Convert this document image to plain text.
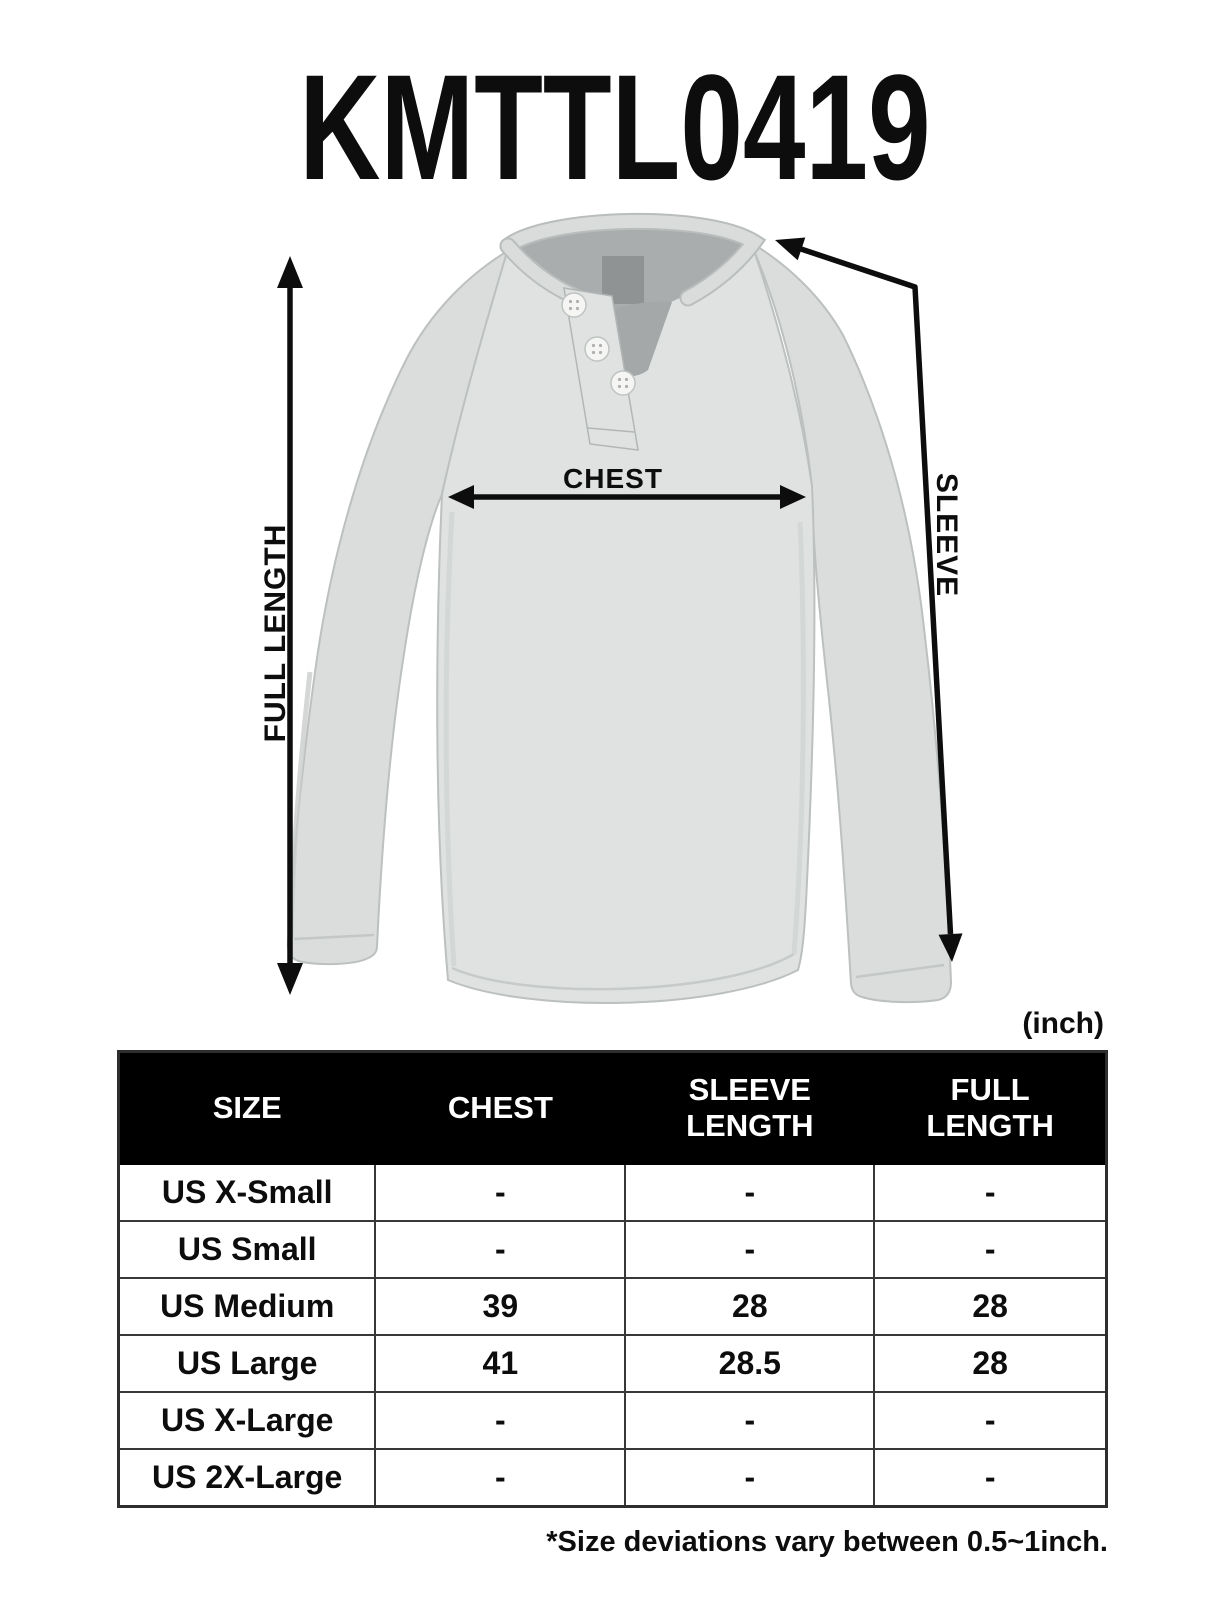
KMTTL0419
FULL LENGTH
CHEST	SLEEVE
(inch)
SIZE	CHEST	SLEEVE LENGTH	FULL LENGTH
US X-Small	-	-	-
US Small	-	-	-
US Medium	39	28	28
US Large	41	28.5	28
US X-Large	-	-	-
US 2X-Large	-	-	-
*Size deviations vary between 0.5~1inch.
